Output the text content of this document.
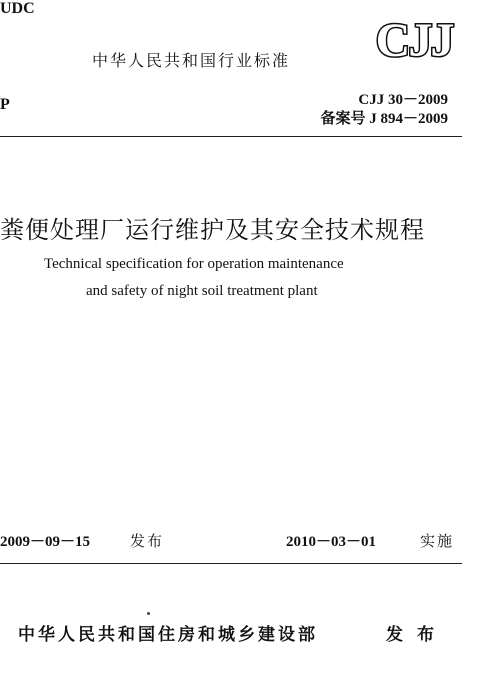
UDC
中华人民共和国行业标准 CJJ
P	CJJ 30－2009
备案号 J 894－2009
粪便处理厂运行维护及其安全技术规程
Technical specification for operation maintenance
and safety of night soil treatment plant
2009－09－15	发布	2010－03－01	实施
中华人民共和国住房和城乡建设部	发布
